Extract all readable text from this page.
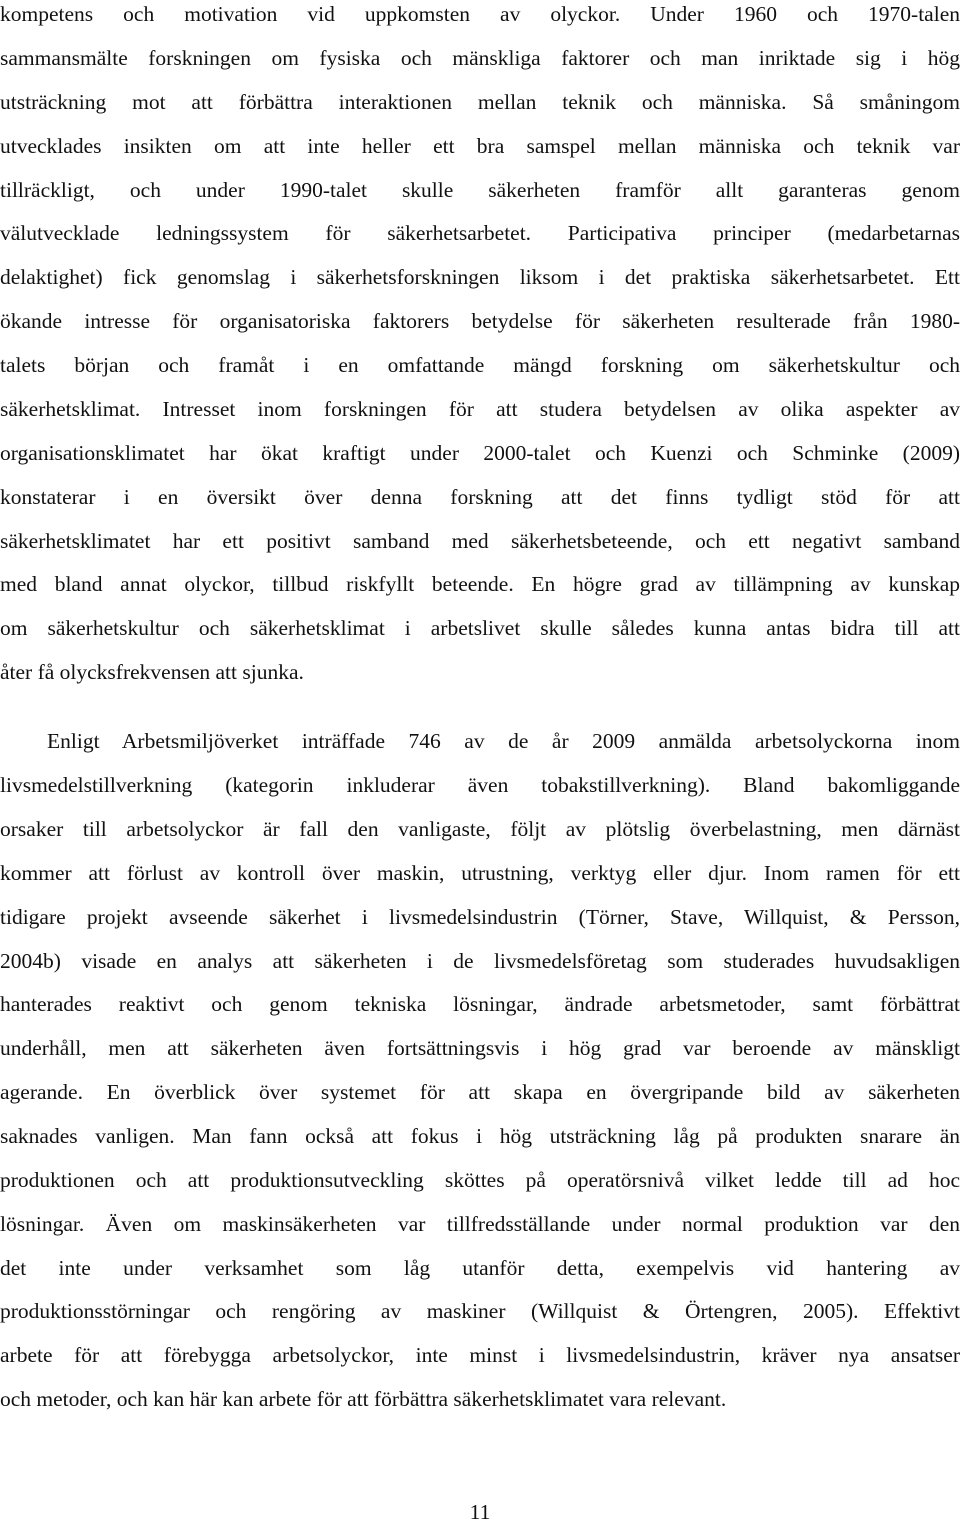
kompetens och motivation vid uppkomsten av olyckor. Under 1960 och 1970-talen
sammansmälte forskningen om fysiska och mänskliga faktorer och man inriktade sig i hög
utsträckning mot att förbättra interaktionen mellan teknik och människa. Så småningom
utvecklades insikten om att inte heller ett bra samspel mellan människa och teknik var
tillräckligt, och under 1990-talet skulle säkerheten framför allt garanteras genom
välutvecklade ledningssystem för säkerhetsarbetet. Participativa principer (medarbetarnas
delaktighet) fick genomslag i säkerhetsforskningen liksom i det praktiska säkerhetsarbetet. Ett
ökande intresse för organisatoriska faktorers betydelse för säkerheten resulterade från 1980-
talets början och framåt i en omfattande mängd forskning om säkerhetskultur och
säkerhetsklimat. Intresset inom forskningen för att studera betydelsen av olika aspekter av
organisationsklimatet har ökat kraftigt under 2000-talet och Kuenzi och Schminke (2009)
konstaterar i en översikt över denna forskning att det finns tydligt stöd för att
säkerhetsklimatet har ett positivt samband med säkerhetsbeteende, och ett negativt samband
med bland annat olyckor, tillbud riskfyllt beteende. En högre grad av tillämpning av kunskap
om säkerhetskultur och säkerhetsklimat i arbetslivet skulle således kunna antas bidra till att
åter få olycksfrekvensen att sjunka.
Enligt Arbetsmiljöverket inträffade 746 av de år 2009 anmälda arbetsolyckorna inom
livsmedelstillverkning (kategorin inkluderar även tobakstillverkning). Bland bakomliggande
orsaker till arbetsolyckor är fall den vanligaste, följt av plötslig överbelastning, men därnäst
kommer att förlust av kontroll över maskin, utrustning, verktyg eller djur. Inom ramen för ett
tidigare projekt avseende säkerhet i livsmedelsindustrin (Törner, Stave, Willquist, & Persson,
2004b) visade en analys att säkerheten i de livsmedelsföretag som studerades huvudsakligen
hanterades reaktivt och genom tekniska lösningar, ändrade arbetsmetoder, samt förbättrat
underhåll, men att säkerheten även fortsättningsvis i hög grad var beroende av mänskligt
agerande. En överblick över systemet för att skapa en övergripande bild av säkerheten
saknades vanligen. Man fann också att fokus i hög utsträckning låg på produkten snarare än
produktionen och att produktionsutveckling sköttes på operatörsnivå vilket ledde till ad hoc
lösningar. Även om maskinsäkerheten var tillfredsställande under normal produktion var den
det inte under verksamhet som låg utanför detta, exempelvis vid hantering av
produktionsstörningar och rengöring av maskiner (Willquist & Örtengren, 2005). Effektivt
arbete för att förebygga arbetsolyckor, inte minst i livsmedelsindustrin, kräver nya ansatser
och metoder, och kan här kan arbete för att förbättra säkerhetsklimatet vara relevant.
11
